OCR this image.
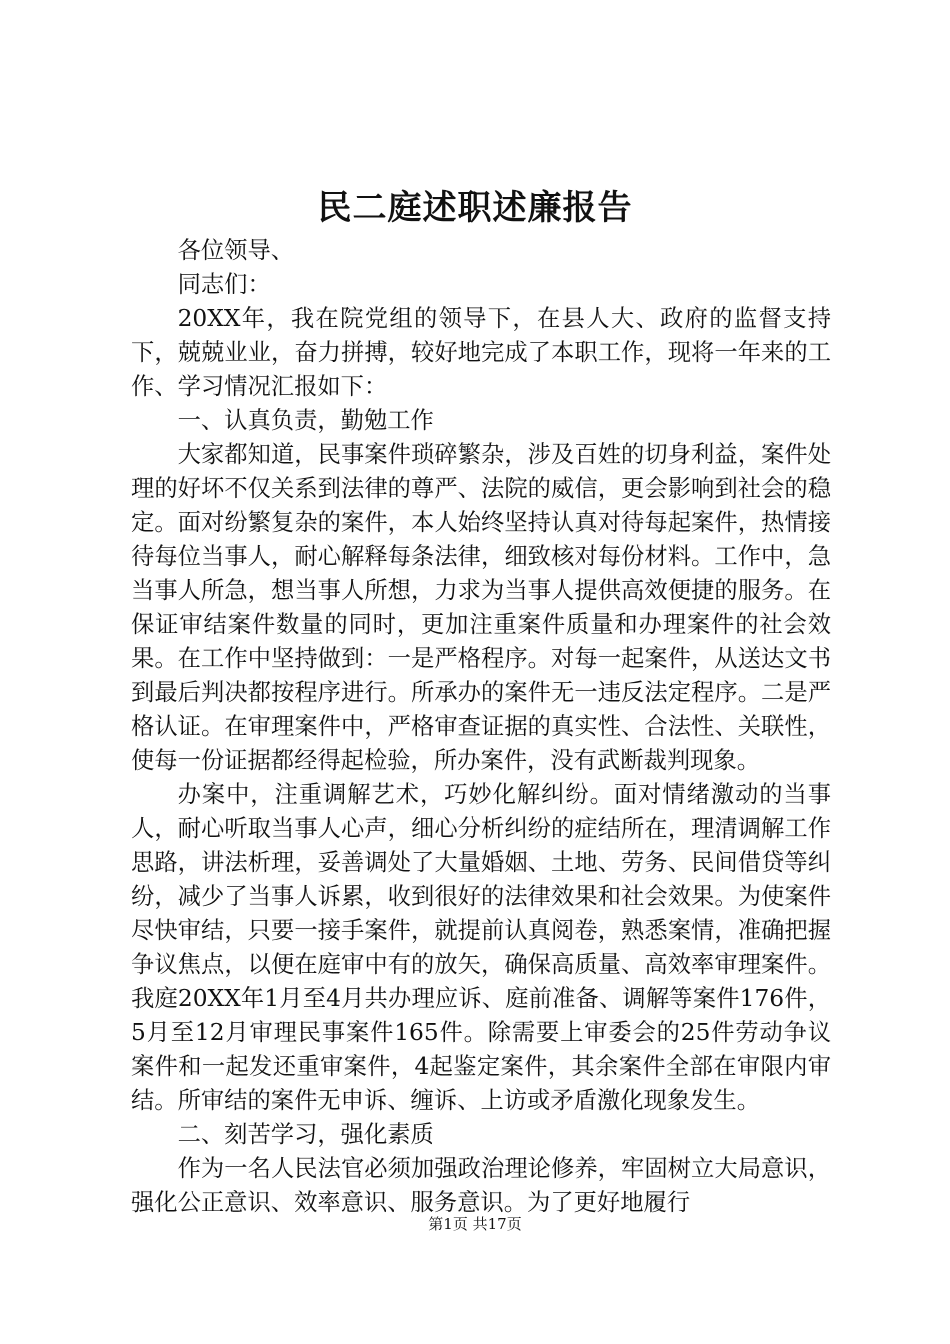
民二庭述职述廉报告

各位领导、

同志们：

20XX年，我在院党组的领导下，在县人大、政府的监督支持下，兢兢业业，奋力拼搏，较好地完成了本职工作，现将一年来的工作、学习情况汇报如下：

一、认真负责，勤勉工作

大家都知道，民事案件琐碎繁杂，涉及百姓的切身利益，案件处理的好坏不仅关系到法律的尊严、法院的威信，更会影响到社会的稳定。面对纷繁复杂的案件，本人始终坚持认真对待每起案件，热情接待每位当事人，耐心解释每条法律，细致核对每份材料。工作中，急当事人所急，想当事人所想，力求为当事人提供高效便捷的服务。在保证审结案件数量的同时，更加注重案件质量和办理案件的社会效果。在工作中坚持做到：一是严格程序。对每一起案件，从送达文书到最后判决都按程序进行。所承办的案件无一违反法定程序。二是严格认证。在审理案件中，严格审查证据的真实性、合法性、关联性，使每一份证据都经得起检验，所办案件，没有武断裁判现象。

办案中，注重调解艺术，巧妙化解纠纷。面对情绪激动的当事人，耐心听取当事人心声，细心分析纠纷的症结所在，理清调解工作思路，讲法析理，妥善调处了大量婚姻、土地、劳务、民间借贷等纠纷，减少了当事人诉累，收到很好的法律效果和社会效果。为使案件尽快审结，只要一接手案件，就提前认真阅卷，熟悉案情，准确把握争议焦点，以便在庭审中有的放矢，确保高质量、高效率审理案件。我庭20XX年1月至4月共办理应诉、庭前准备、调解等案件176件，5月至12月审理民事案件165件。除需要上审委会的25件劳动争议案件和一起发还重审案件，4起鉴定案件，其余案件全部在审限内审结。所审结的案件无申诉、缠诉、上访或矛盾激化现象发生。

二、刻苦学习，强化素质

作为一名人民法官必须加强政治理论修养，牢固树立大局意识，强化公正意识、效率意识、服务意识。为了更好地履行

第1页 共17页
